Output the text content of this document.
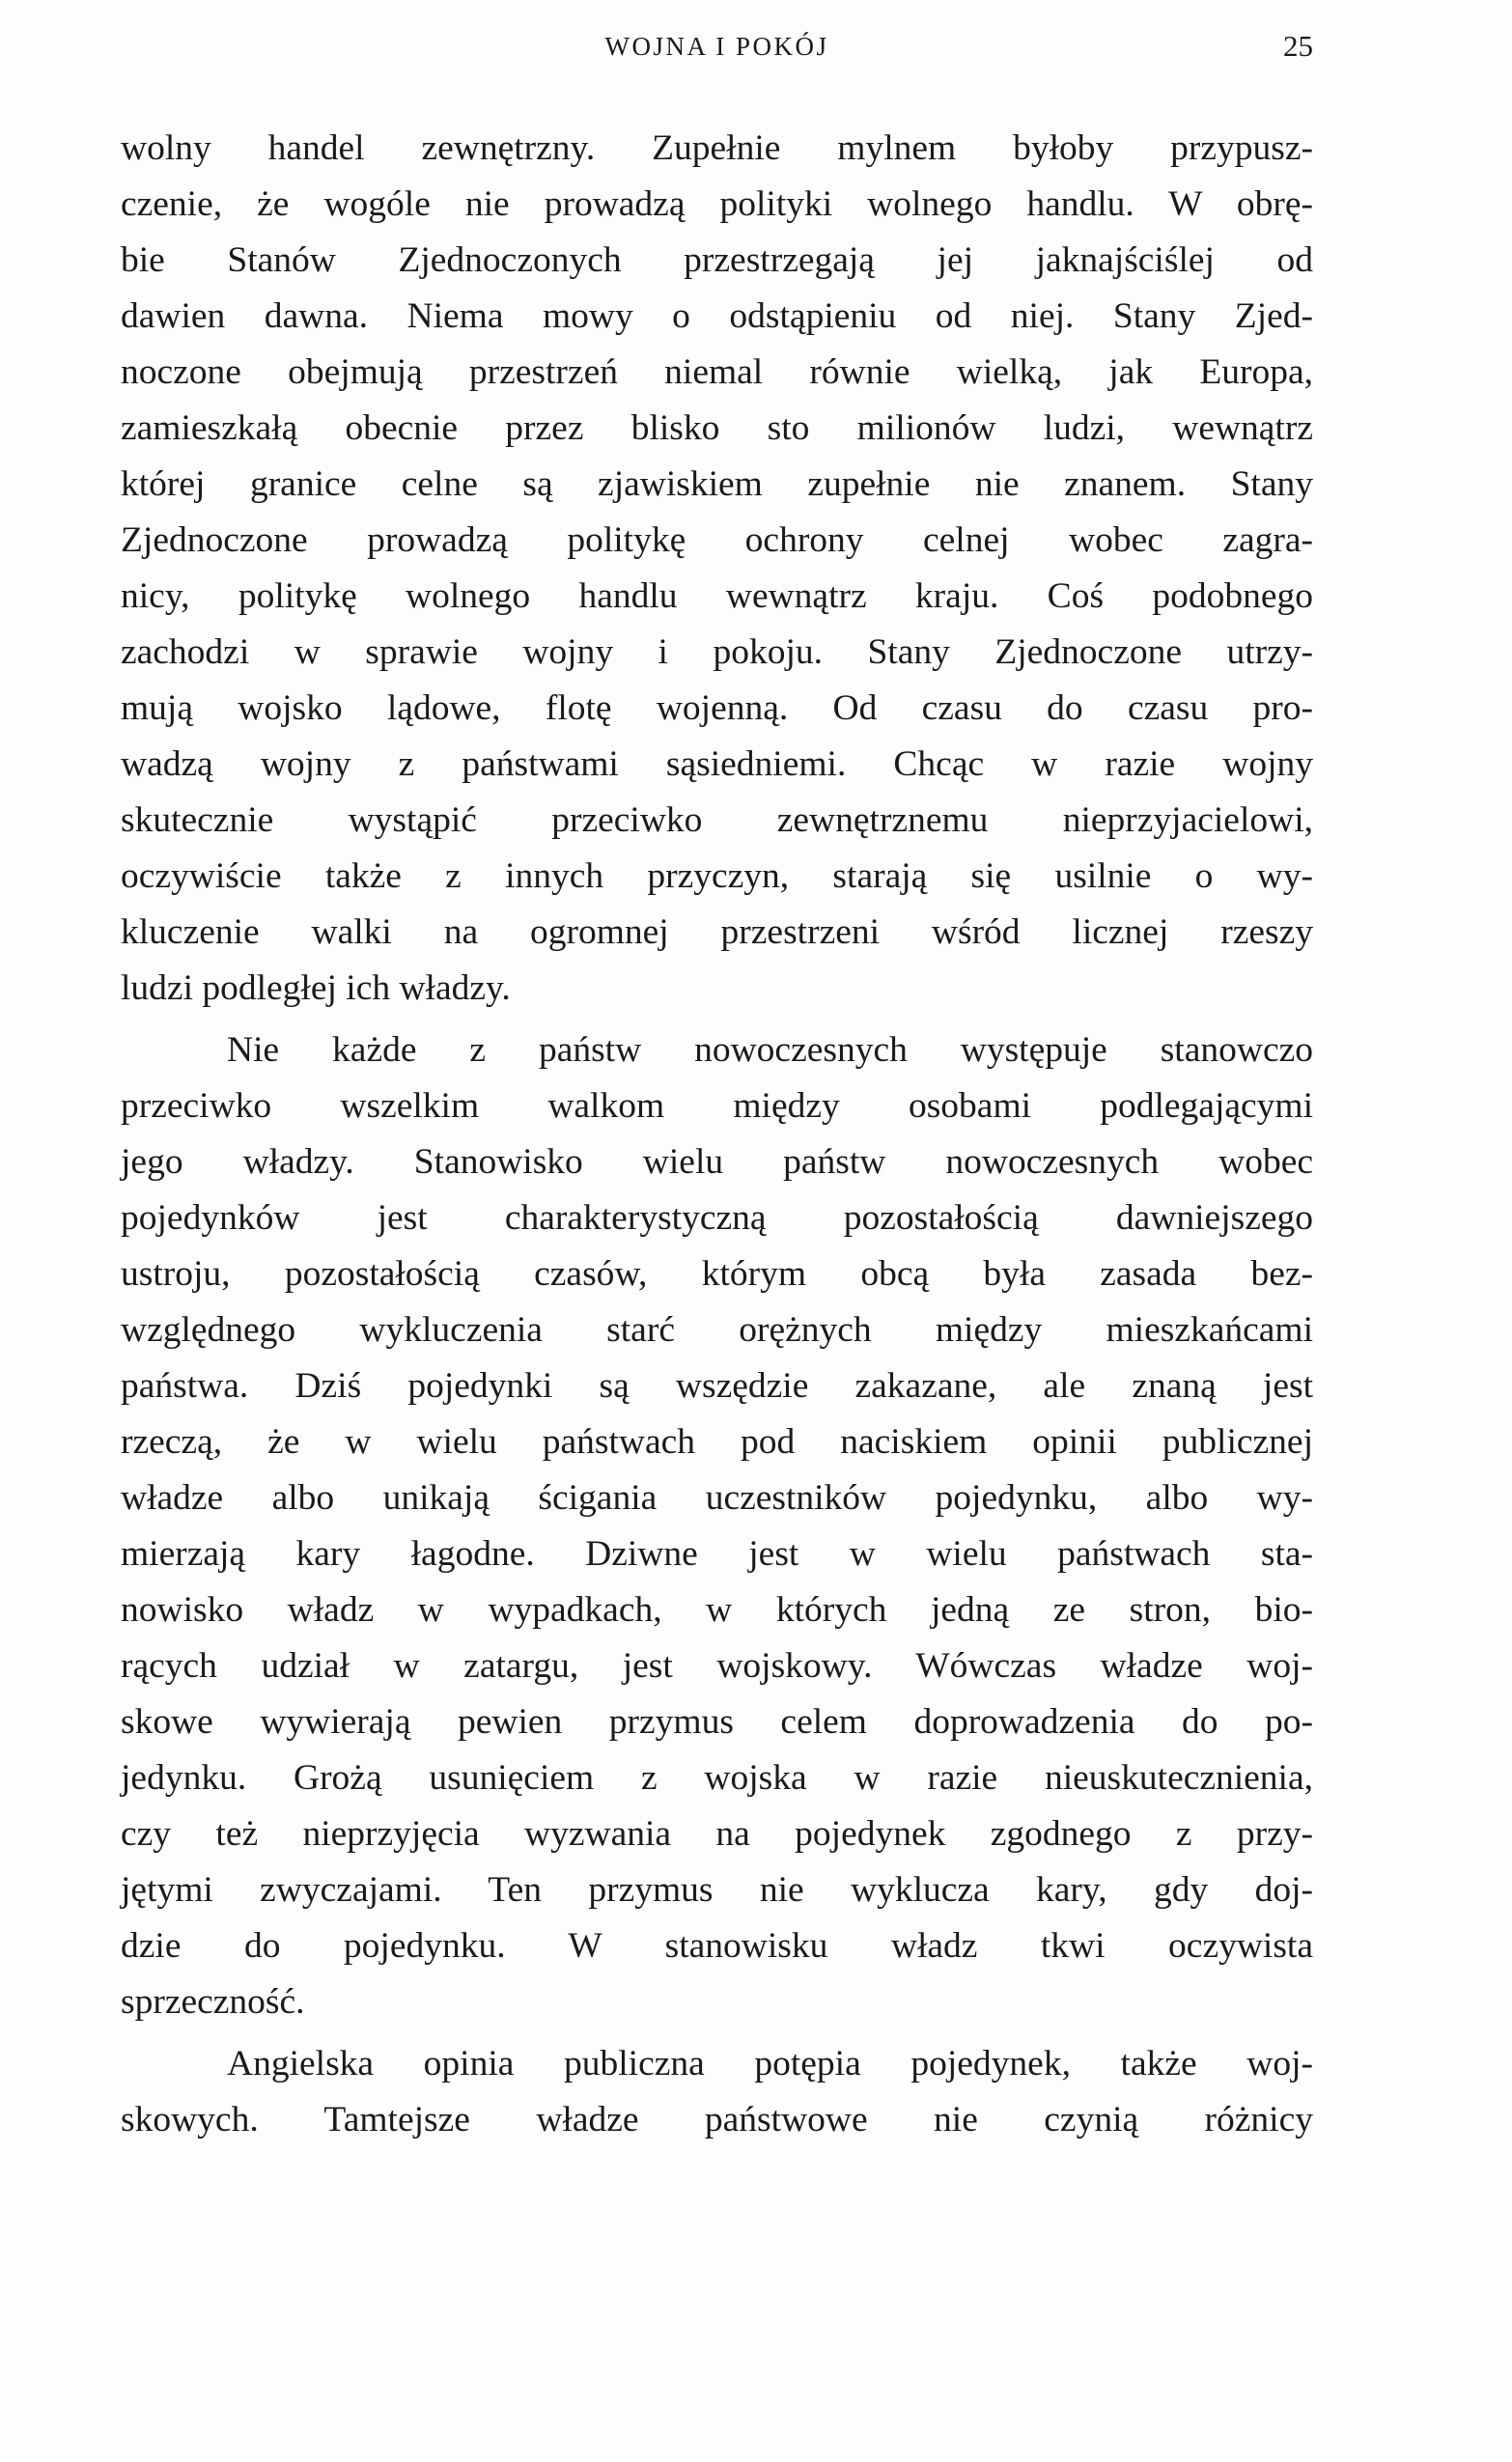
WOJNA I POKÓJ	25
wolny handel zewnętrzny. Zupełnie mylnem byłoby przypusz-
czenie, że wogóle nie prowadzą polityki wolnego handlu. W obrę-
bie Stanów Zjednoczonych przestrzegają jej jaknajściślej od
dawien dawna. Niema mowy o odstąpieniu od niej. Stany Zjed-
noczone obejmują przestrzeń niemal równie wielką, jak Europa,
zamieszkałą obecnie przez blisko sto milionów ludzi, wewnątrz
której granice celne są zjawiskiem zupełnie nie znanem. Stany
Zjednoczone prowadzą politykę ochrony celnej wobec zagra-
nicy, politykę wolnego handlu wewnątrz kraju. Coś podobnego
zachodzi w sprawie wojny i pokoju. Stany Zjednoczone utrzy-
mują wojsko lądowe, flotę wojenną. Od czasu do czasu pro-
wadzą wojny z państwami sąsiedniemi. Chcąc w razie wojny
skutecznie wystąpić przeciwko zewnętrznemu nieprzyjacielowi,
oczywiście także z innych przyczyn, starają się usilnie o wy-
kluczenie walki na ogromnej przestrzeni wśród licznej rzeszy
ludzi podległej ich władzy.
Nie każde z państw nowoczesnych występuje stanowczo
przeciwko wszelkim walkom między osobami podlegającymi
jego władzy. Stanowisko wielu państw nowoczesnych wobec
pojedynków jest charakterystyczną pozostałością dawniejszego
ustroju, pozostałością czasów, którym obcą była zasada bez-
względnego wykluczenia starć orężnych między mieszkańcami
państwa. Dziś pojedynki są wszędzie zakazane, ale znaną jest
rzeczą, że w wielu państwach pod naciskiem opinii publicznej
władze albo unikają ścigania uczestników pojedynku, albo wy-
mierzają kary łagodne. Dziwne jest w wielu państwach sta-
nowisko władz w wypadkach, w których jedną ze stron, bio-
rących udział w zatargu, jest wojskowy. Wówczas władze woj-
skowe wywierają pewien przymus celem doprowadzenia do po-
jedynku. Grożą usunięciem z wojska w razie nieuskutecznienia,
czy też nieprzyjęcia wyzwania na pojedynek zgodnego z przy-
jętymi zwyczajami. Ten przymus nie wyklucza kary, gdy doj-
dzie do pojedynku. W stanowisku władz tkwi oczywista
sprzeczność.
Angielska opinia publiczna potępia pojedynek, także woj-
skowych. Tamtejsze władze państwowe nie czynią różnicy
